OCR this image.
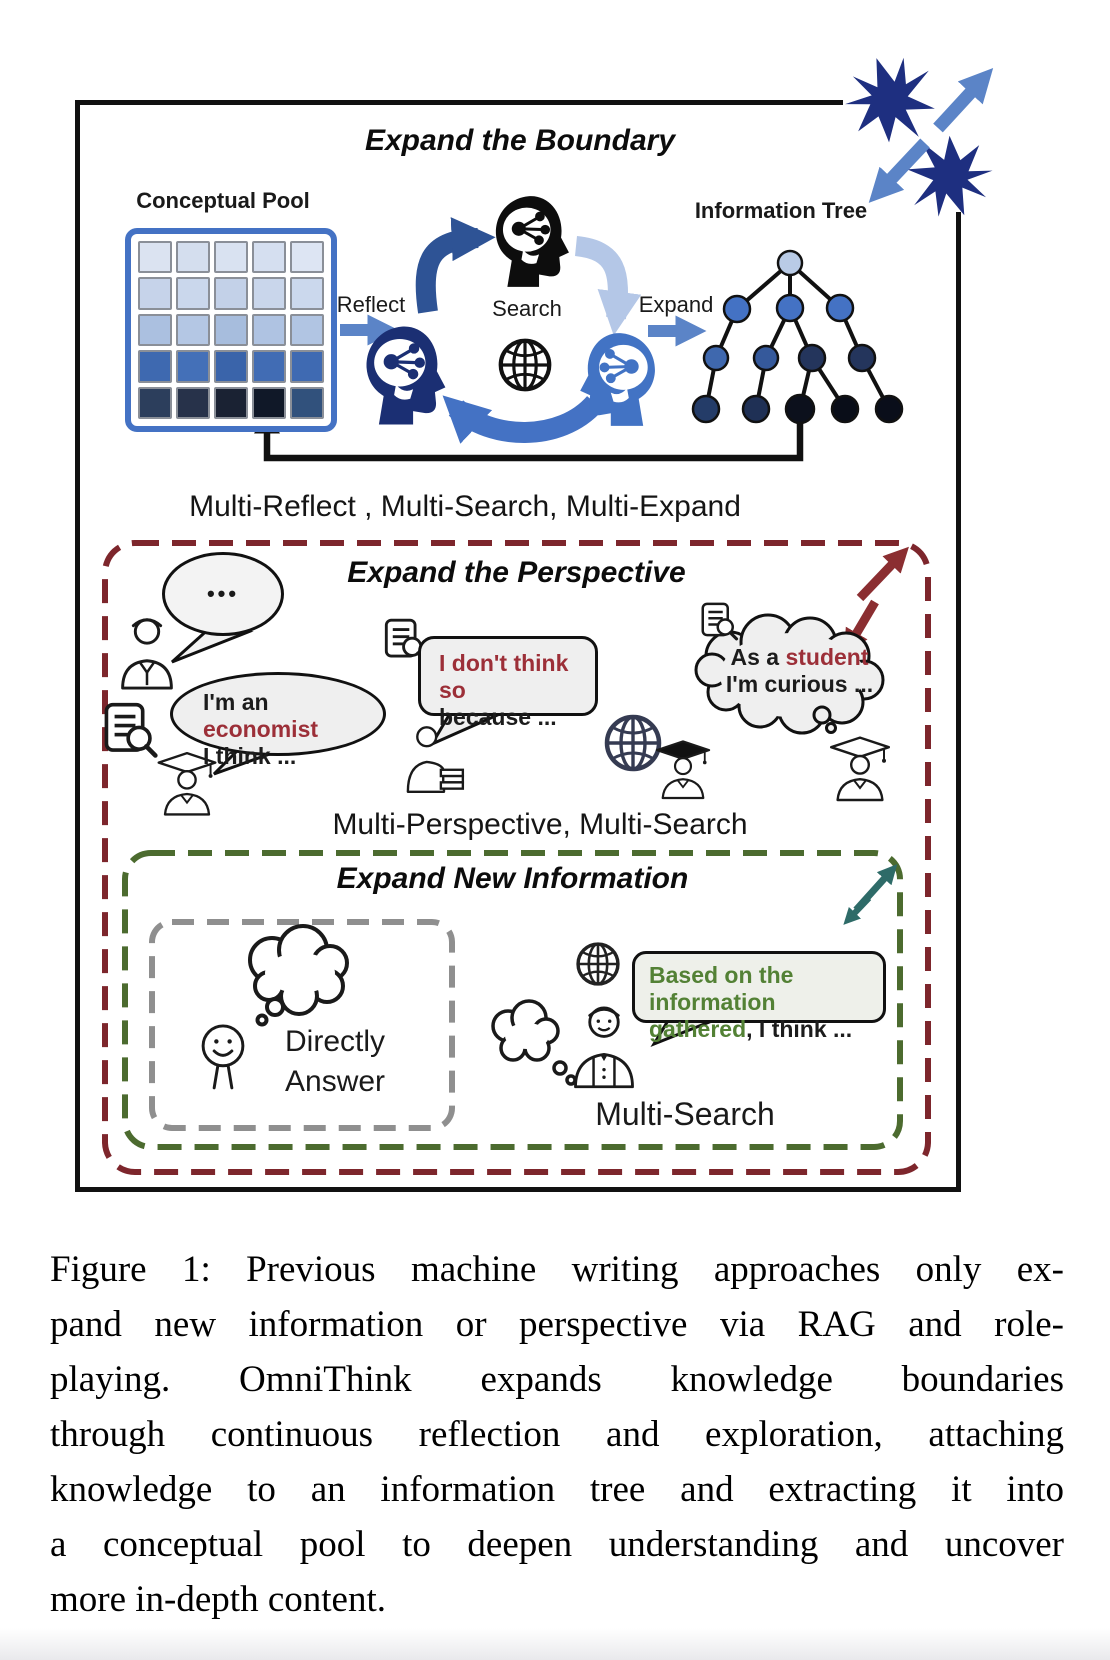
Expand the Boundary
Conceptual Pool	Information Tree
Reflect	Search	Expand
Multi-Reflect , Multi-Search, Multi-Expand
Expand the Perspective
•••
I'm an economist
I think ...
I don't think so
because ...
As a student
I'm curious ...
Multi-Perspective, Multi-Search
Expand New Information
Directly
Answer
Based on the information
gathered, I think ...
Multi-Search
Figure 1: Previous machine writing approaches only ex-
pand new information or perspective via RAG and role-
playing. OmniThink expands knowledge boundaries
through continuous reflection and exploration, attaching
knowledge to an information tree and extracting it into
a conceptual pool to deepen understanding and uncover
more in-depth content.
